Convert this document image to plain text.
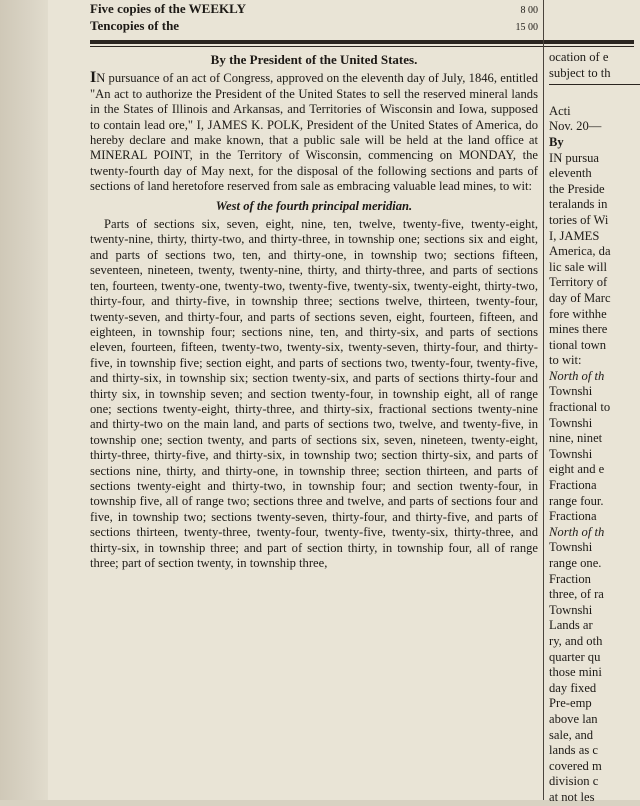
Five copies of the WEEKLY	8 00
Tencopies of the	15 00
By the President of the United States.

IN pursuance of an act of Congress, approved on the eleventh day of July, 1846, entitled "An act to authorize the President of the United States to sell the reserved mineral lands in the States of Illinois and Arkansas, and Territories of Wisconsin and Iowa, supposed to contain lead ore," I, JAMES K. POLK, President of the United States of America, do hereby declare and make known, that a public sale will be held at the land office at MINERAL POINT, in the Territory of Wisconsin, commencing on MONDAY, the twenty-fourth day of May next, for the disposal of the following sections and parts of sections of land heretofore reserved from sale as embracing valuable lead mines, to wit:

West of the fourth principal meridian.

Parts of sections six, seven, eight, nine, ten, twelve, twenty-five, twenty-eight, twenty-nine, thirty, thirty-two, and thirty-three, in township one; sections six and eight, and parts of sections two, ten, and thirty-one, in township two; sections fifteen, seventeen, nineteen, twenty, twenty-nine, thirty, and thirty-three, and parts of sections ten, fourteen, twenty-one, twenty-two, twenty-five, twenty-six, twenty-eight, thirty-two, thirty-four, and thirty-five, in township three; sections twelve, thirteen, twenty-four, twenty-seven, and thirty-four, and parts of sections seven, eight, fourteen, fifteen, and eighteen, in township four; sections nine, ten, and thirty-six, and parts of sections eleven, fourteen, fifteen, twenty-two, twenty-six, twenty-seven, thirty-four, and thirty-five, in township five; section eight, and parts of sections two, twenty-four, twenty-five, and thirty-six, in township six; section twenty-six, and parts of sections thirty-four and thirty six, in township seven; and section twenty-four, in township eight, all of range one; sections twenty-eight, thirty-three, and thirty-six, fractional sections twenty-nine and thirty-two on the main land, and parts of sections two, twelve, and twenty-five, in township one; section twenty, and parts of sections six, seven, nineteen, twenty-eight, thirty-three, thirty-five, and thirty-six, in township two; section thirty-six, and parts of sections nine, thirty, and thirty-one, in township three; section thirteen, and parts of sections twenty-eight and thirty-two, in township four; and section twenty-four, in township five, all of range two; sections three and twelve, and parts of sections four and five, in township two; sections twenty-seven, thirty-four, and thirty-five, and parts of sections thirteen, twenty-three, twenty-four, twenty-five, twenty-six, thirty-three, and thirty-six, in township three; and part of section thirty, in township four, all of range three; part of section twenty, in township three,

ocation of e
subject to th
Acti
Nov. 20—
By
IN pursua
eleventh
the Preside
teralands in
tories of Wi
I, JAMES
America, da
lic sale will
Territory of
day of Marc
fore withhe
mines there
tional town
to wit:
North of th
Townshi
fractional to
Townshi
nine, ninet
Townshi
eight and e
Fractiona
range four.
Fractiona
North of th
Townshi
range one.
Fraction
three, of ra
Townshi
Lands ar
ry, and oth
quarter qu
those mini
day fixed
Pre-emp
above lan
sale, and
lands as c
covered m
division c
at not les
